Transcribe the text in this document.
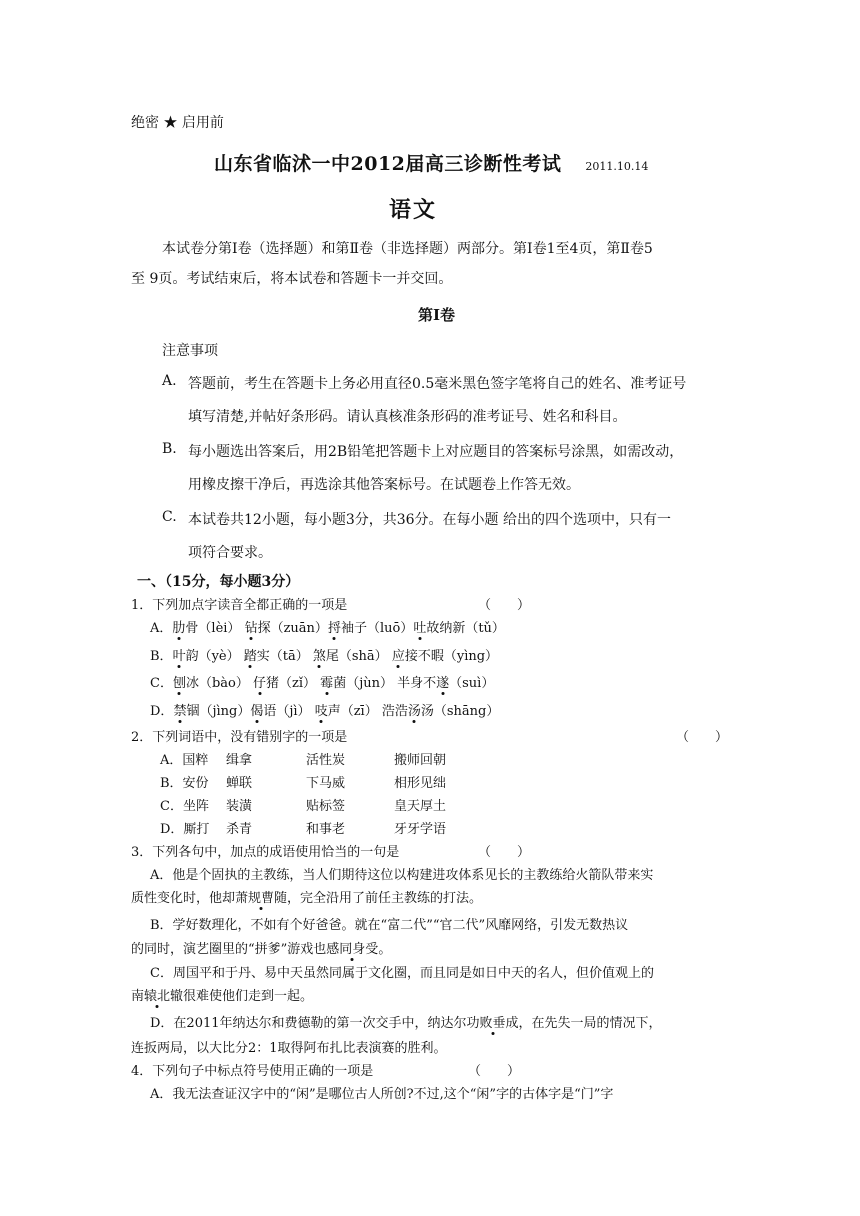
绝密 ★ 启用前
山东省临沭一中2012届高三诊断性考试 2011.10.14
语文
本试卷分第Ⅰ卷（选择题）和第Ⅱ卷（非选择题）两部分。第Ⅰ卷1至4页，第Ⅱ卷5
至 9页。考试结束后，将本试卷和答题卡一并交回。
第Ⅰ卷
注意事项
A. 答题前，考生在答题卡上务必用直径0.5毫米黑色签字笔将自己的姓名、准考证号
填写清楚,并帖好条形码。请认真核准条形码的准考证号、姓名和科目。
B. 每小题选出答案后，用2B铅笔把答题卡上对应题目的答案标号涂黑，如需改动，
用橡皮擦干净后，再选涂其他答案标号。在试题卷上作答无效。
C. 本试卷共12小题，每小题3分，共36分。在每小题 给出的四个选项中，只有一
项符合要求。
一、（15分，每小题3分）
1．下列加点字读音全都正确的一项是	（　　）
A．肋骨（lèi） 钻探（zuān）捋袖子（luō）吐故纳新（tǔ）
B．叶韵（yè） 踏实（tā） 煞尾（shā） 应接不暇（yìng）
C．刨冰（bào） 仔猪（zǐ） 霉菌（jùn） 半身不遂（suì）
D．禁锢（jìng）偈语（jì） 吱声（zī） 浩浩汤汤（shāng）
2．下列词语中，没有错别字的一项是	（　　）
A．国粹 缉拿	活性炭	搬师回朝
B．安份 蝉联	下马威	相形见绌
C．坐阵 装潢	贴标签	皇天厚土
D．厮打 杀青	和事老	牙牙学语
3．下列各句中，加点的成语使用恰当的一句是	（　　）
A．他是个固执的主教练，当人们期待这位以构建进攻体系见长的主教练给火箭队带来实
质性变化时，他却萧规曹随，完全沿用了前任主教练的打法。
B．学好数理化，不如有个好爸爸。就在“富二代”“官二代”风靡网络，引发无数热议
的同时，演艺圈里的“拼爹”游戏也感同身受。
C．周国平和于丹、易中天虽然同属于文化圈，而且同是如日中天的名人，但价值观上的
南辕北辙很难使他们走到一起。
D．在2011年纳达尔和费德勒的第一次交手中，纳达尔功败垂成，在先失一局的情况下，
连扳两局，以大比分2：1取得阿布扎比表演赛的胜利。
4．下列句子中标点符号使用正确的一项是	（　　）
A．我无法查证汉字中的“闲”是哪位古人所创?不过,这个“闲”字的古体字是“门”字
